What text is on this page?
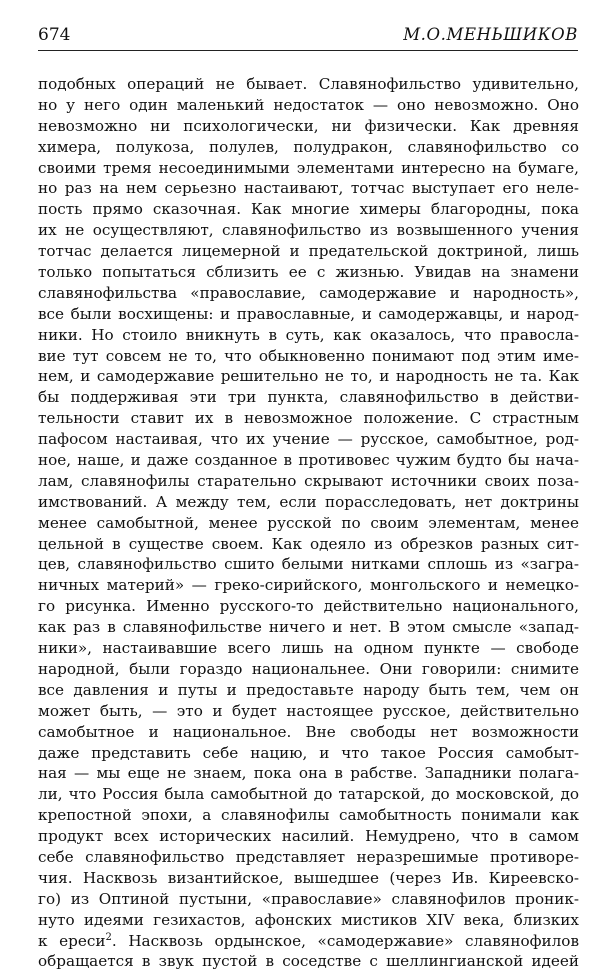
674	М.О.МЕНЬШИКОВ
подобных операций не бывает. Славянофильство удивительно,
но у него один маленький недостаток — оно невозможно. Оно
невозможно ни психологически, ни физически. Как древняя
химера, полукоза, полулев, полудракон, славянофильство со
своими тремя несоединимыми элементами интересно на бумаге,
но раз на нем серьезно настаивают, тотчас выступает его неле-
пость прямо сказочная. Как многие химеры благородны, пока
их не осуществляют, славянофильство из возвышенного учения
тотчас делается лицемерной и предательской доктриной, лишь
только попытаться сблизить ее с жизнью. Увидав на знамени
славянофильства «православие, самодержавие и народность»,
все были восхищены: и православные, и самодержавцы, и народ-
ники. Но стоило вникнуть в суть, как оказалось, что правосла-
вие тут совсем не то, что обыкновенно понимают под этим име-
нем, и самодержавие решительно не то, и народность не та. Как
бы поддерживая эти три пункта, славянофильство в действи-
тельности ставит их в невозможное положение. С страстным
пафосом настаивая, что их учение — русское, самобытное, род-
ное, наше, и даже созданное в противовес чужим будто бы нача-
лам, славянофилы старательно скрывают источники своих поза-
имствований. А между тем, если порасследовать, нет доктрины
менее самобытной, менее русской по своим элементам, менее
цельной в существе своем. Как одеяло из обрезков разных сит-
цев, славянофильство сшито белыми нитками сплошь из «загра-
ничных материй» — греко-сирийского, монгольского и немецко-
го рисунка. Именно русского-то действительно национального,
как раз в славянофильстве ничего и нет. В этом смысле «запад-
ники», настаивавшие всего лишь на одном пункте — свободе
народной, были гораздо национальнее. Они говорили: снимите
все давления и путы и предоставьте народу быть тем, чем он
может быть, — это и будет настоящее русское, действительно
самобытное и национальное. Вне свободы нет возможности
даже представить себе нацию, и что такое Россия самобыт-
ная — мы еще не знаем, пока она в рабстве. Западники полага-
ли, что Россия была самобытной до татарской, до московской, до
крепостной эпохи, а славянофилы самобытность понимали как
продукт всех исторических насилий. Немудрено, что в самом
себе славянофильство представляет неразрешимые противоре-
чия. Насквозь византийское, вышедшее (через Ив. Киреевско-
го) из Оптиной пустыни, «православие» славянофилов проник-
нуто идеями гезихастов, афонских мистиков XIV века, близких
к ереси$^2$. Насквозь ордынское, «самодержавие» славянофилов
обращается в звук пустой в соседстве с шеллингианской идеей
